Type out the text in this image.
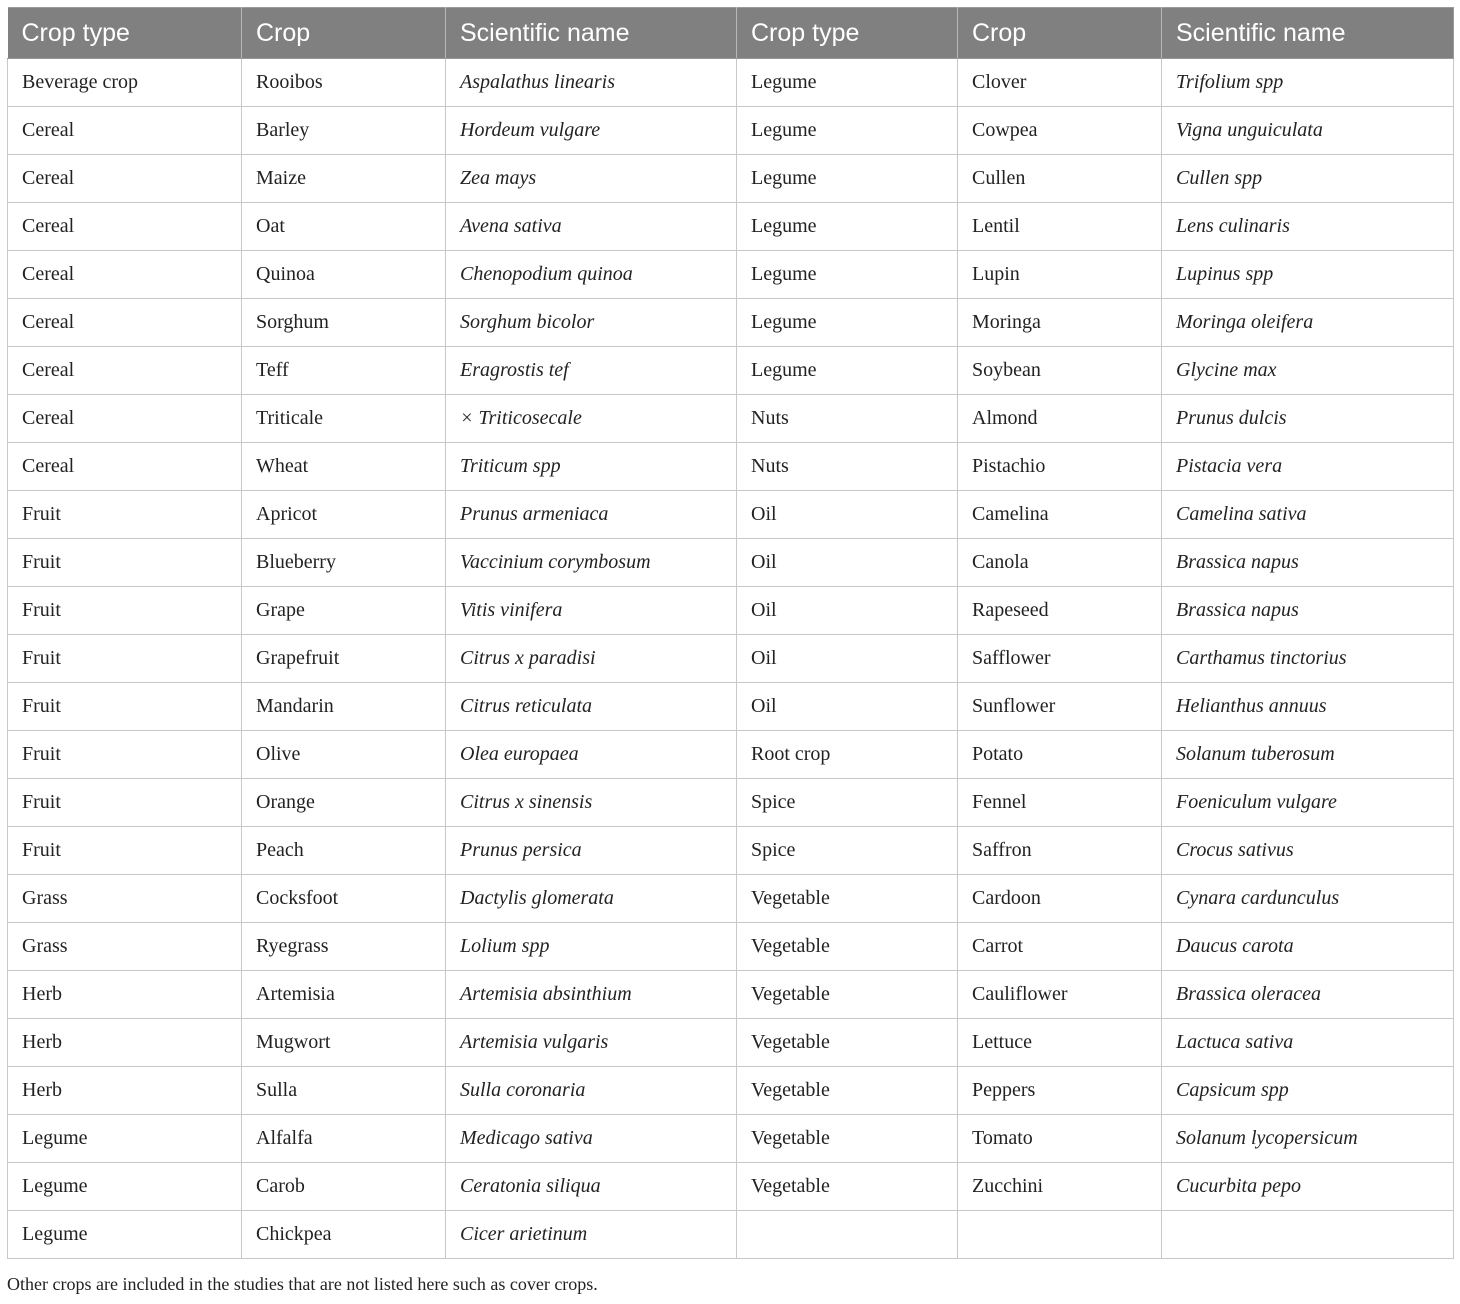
Crop type	Crop	Scientific name	Crop type	Crop	Scientific name
Beverage crop	Rooibos	Aspalathus linearis	Legume	Clover	Trifolium spp
Cereal	Barley	Hordeum vulgare	Legume	Cowpea	Vigna unguiculata
Cereal	Maize	Zea mays	Legume	Cullen	Cullen spp
Cereal	Oat	Avena sativa	Legume	Lentil	Lens culinaris
Cereal	Quinoa	Chenopodium quinoa	Legume	Lupin	Lupinus spp
Cereal	Sorghum	Sorghum bicolor	Legume	Moringa	Moringa oleifera
Cereal	Teff	Eragrostis tef	Legume	Soybean	Glycine max
Cereal	Triticale	× Triticosecale	Nuts	Almond	Prunus dulcis
Cereal	Wheat	Triticum spp	Nuts	Pistachio	Pistacia vera
Fruit	Apricot	Prunus armeniaca	Oil	Camelina	Camelina sativa
Fruit	Blueberry	Vaccinium corymbosum	Oil	Canola	Brassica napus
Fruit	Grape	Vitis vinifera	Oil	Rapeseed	Brassica napus
Fruit	Grapefruit	Citrus x paradisi	Oil	Safflower	Carthamus tinctorius
Fruit	Mandarin	Citrus reticulata	Oil	Sunflower	Helianthus annuus
Fruit	Olive	Olea europaea	Root crop	Potato	Solanum tuberosum
Fruit	Orange	Citrus x sinensis	Spice	Fennel	Foeniculum vulgare
Fruit	Peach	Prunus persica	Spice	Saffron	Crocus sativus
Grass	Cocksfoot	Dactylis glomerata	Vegetable	Cardoon	Cynara cardunculus
Grass	Ryegrass	Lolium spp	Vegetable	Carrot	Daucus carota
Herb	Artemisia	Artemisia absinthium	Vegetable	Cauliflower	Brassica oleracea
Herb	Mugwort	Artemisia vulgaris	Vegetable	Lettuce	Lactuca sativa
Herb	Sulla	Sulla coronaria	Vegetable	Peppers	Capsicum spp
Legume	Alfalfa	Medicago sativa	Vegetable	Tomato	Solanum lycopersicum
Legume	Carob	Ceratonia siliqua	Vegetable	Zucchini	Cucurbita pepo
Legume	Chickpea	Cicer arietinum			
Other crops are included in the studies that are not listed here such as cover crops.
